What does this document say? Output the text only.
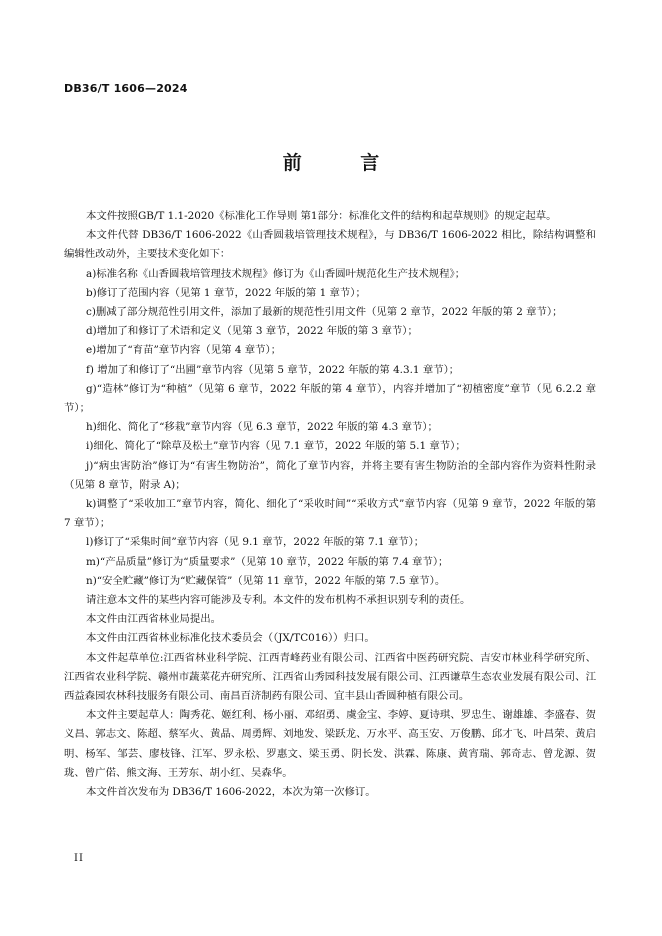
DB36/T 1606—2024
前 言

本文件按照GB/T 1.1-2020《标准化工作导则 第1部分：标准化文件的结构和起草规则》的规定起草。

本文件代替 DB36/T 1606-2022《山香圆栽培管理技术规程》，与 DB36/T 1606-2022 相比，除结构调整和编辑性改动外，主要技术变化如下：

a)标准名称《山香圆栽培管理技术规程》修订为《山香圆叶规范化生产技术规程》；

b)修订了范围内容（见第 1 章节，2022 年版的第 1 章节）；

c)删减了部分规范性引用文件，添加了最新的规范性引用文件（见第 2 章节，2022 年版的第 2 章节）；

d)增加了和修订了术语和定义（见第 3 章节，2022 年版的第 3 章节）；

e)增加了“育苗”章节内容（见第 4 章节）；

f) 增加了和修订了“出圃”章节内容（见第 5 章节，2022 年版的第 4.3.1 章节）；

g)“造林”修订为“种植”（见第 6 章节，2022 年版的第 4 章节），内容并增加了“初植密度”章节（见 6.2.2 章节）；

h)细化、简化了“移栽”章节内容（见 6.3 章节，2022 年版的第 4.3 章节）；

i)细化、简化了“除草及松土”章节内容（见 7.1 章节，2022 年版的第 5.1 章节）；

j)“病虫害防治”修订为“有害生物防治”，简化了章节内容，并将主要有害生物防治的全部内容作为资料性附录（见第 8 章节，附录 A)；

k)调整了“采收加工”章节内容，简化、细化了“采收时间”“采收方式”章节内容（见第 9 章节，2022 年版的第 7 章节）；

l)修订了“采集时间”章节内容（见 9.1 章节，2022 年版的第 7.1 章节）；

m)“产品质量”修订为“质量要求”（见第 10 章节，2022 年版的第 7.4 章节）；

n)“安全贮藏”修订为“贮藏保管”（见第 11 章节，2022 年版的第 7.5 章节）。

请注意本文件的某些内容可能涉及专利。本文件的发布机构不承担识别专利的责任。

本文件由江西省林业局提出。

本文件由江西省林业标准化技术委员会（（JX/TC016））归口。

本文件起草单位:江西省林业科学院、江西青峰药业有限公司、江西省中医药研究院、吉安市林业科学研究所、江西省农业科学院、赣州市蔬菜花卉研究所、江西省山秀园科技发展有限公司、江西谦草生态农业发展有限公司、江西益森园农林科技服务有限公司、南昌百济制药有限公司、宜丰县山香圆种植有限公司。

本文件主要起草人：陶秀花、姬红利、杨小丽、邓绍勇、虞金宝、李婷、夏诗琪、罗忠生、谢雄雄、李盛春、贺义昌、郭志文、陈超、蔡军火、黄晶、周勇辉、刘地发、梁跃龙、万水平、高玉安、万俊鹏、邱才飞、叶昌荣、黄启明、杨军、邹芸、廖枝锋、江军、罗永松、罗惠文、梁玉勇、阴长发、洪霖、陈康、黄宵瑞、郭奇志、曾龙源、贺珑、曾广偌、熊文海、王芳东、胡小红、吴森华。

本文件首次发布为 DB36/T 1606-2022，本次为第一次修订。

II
